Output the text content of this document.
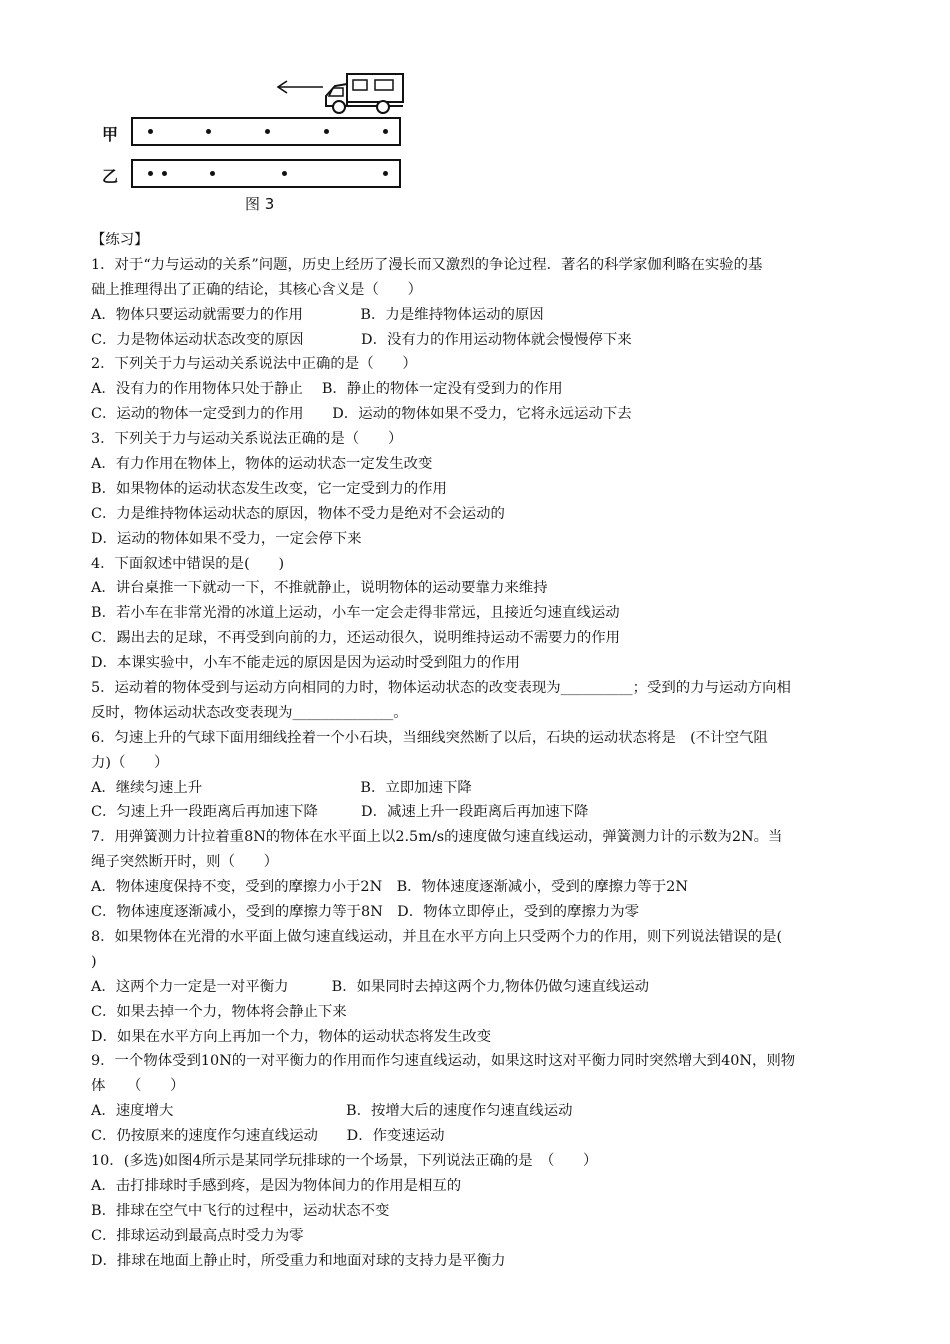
甲
乙
图 3
【练习】
1．对于“力与运动的关系”问题，历史上经历了漫长而又激烈的争论过程．著名的科学家伽利略在实验的基
础上推理得出了正确的结论，其核心含义是（　　）
A．物体只要运动就需要力的作用　　　　B．力是维持物体运动的原因
C．力是物体运动状态改变的原因　　　　D．没有力的作用运动物体就会慢慢停下来
2．下列关于力与运动关系说法中正确的是（　　）
A．没有力的作用物体只处于静止　 B．静止的物体一定没有受到力的作用
C．运动的物体一定受到力的作用　　D．运动的物体如果不受力，它将永远运动下去
3．下列关于力与运动关系说法正确的是（　　）
A．有力作用在物体上，物体的运动状态一定发生改变
B．如果物体的运动状态发生改变，它一定受到力的作用
C．力是维持物体运动状态的原因，物体不受力是绝对不会运动的
D．运动的物体如果不受力，一定会停下来
4．下面叙述中错误的是(　　)
A．讲台桌推一下就动一下，不推就静止，说明物体的运动要靠力来维持
B．若小车在非常光滑的冰道上运动，小车一定会走得非常远，且接近匀速直线运动
C．踢出去的足球，不再受到向前的力，还运动很久，说明维持运动不需要力的作用
D．本课实验中，小车不能走远的原因是因为运动时受到阻力的作用
5．运动着的物体受到与运动方向相同的力时，物体运动状态的改变表现为__________；受到的力与运动方向相
反时，物体运动状态改变表现为______________。
6．匀速上升的气球下面用细线拴着一个小石块，当细线突然断了以后，石块的运动状态将是　(不计空气阻
力)（　　）
A．继续匀速上升　　　　　　　　　　　B．立即加速下降
C．匀速上升一段距离后再加速下降　　　D．减速上升一段距离后再加速下降
7．用弹簧测力计拉着重8N的物体在水平面上以2.5m/s的速度做匀速直线运动，弹簧测力计的示数为2N。当
绳子突然断开时，则（　　）
A．物体速度保持不变，受到的摩擦力小于2N　B．物体速度逐渐减小，受到的摩擦力等于2N
C．物体速度逐渐减小，受到的摩擦力等于8N　D．物体立即停止，受到的摩擦力为零
8．如果物体在光滑的水平面上做匀速直线运动，并且在水平方向上只受两个力的作用，则下列说法错误的是(
)
A．这两个力一定是一对平衡力　　　B．如果同时去掉这两个力,物体仍做匀速直线运动
C．如果去掉一个力，物体将会静止下来
D．如果在水平方向上再加一个力，物体的运动状态将发生改变
9．一个物体受到10N的一对平衡力的作用而作匀速直线运动，如果这时这对平衡力同时突然增大到40N，则物
体　　（　　）
A．速度增大　　　　　　　　　　　　B．按增大后的速度作匀速直线运动
C．仍按原来的速度作匀速直线运动　　D．作变速运动
10．(多选)如图4所示是某同学玩排球的一个场景，下列说法正确的是　（　　）
A．击打排球时手感到疼，是因为物体间力的作用是相互的
B．排球在空气中飞行的过程中，运动状态不变
C．排球运动到最高点时受力为零
D．排球在地面上静止时，所受重力和地面对球的支持力是平衡力
